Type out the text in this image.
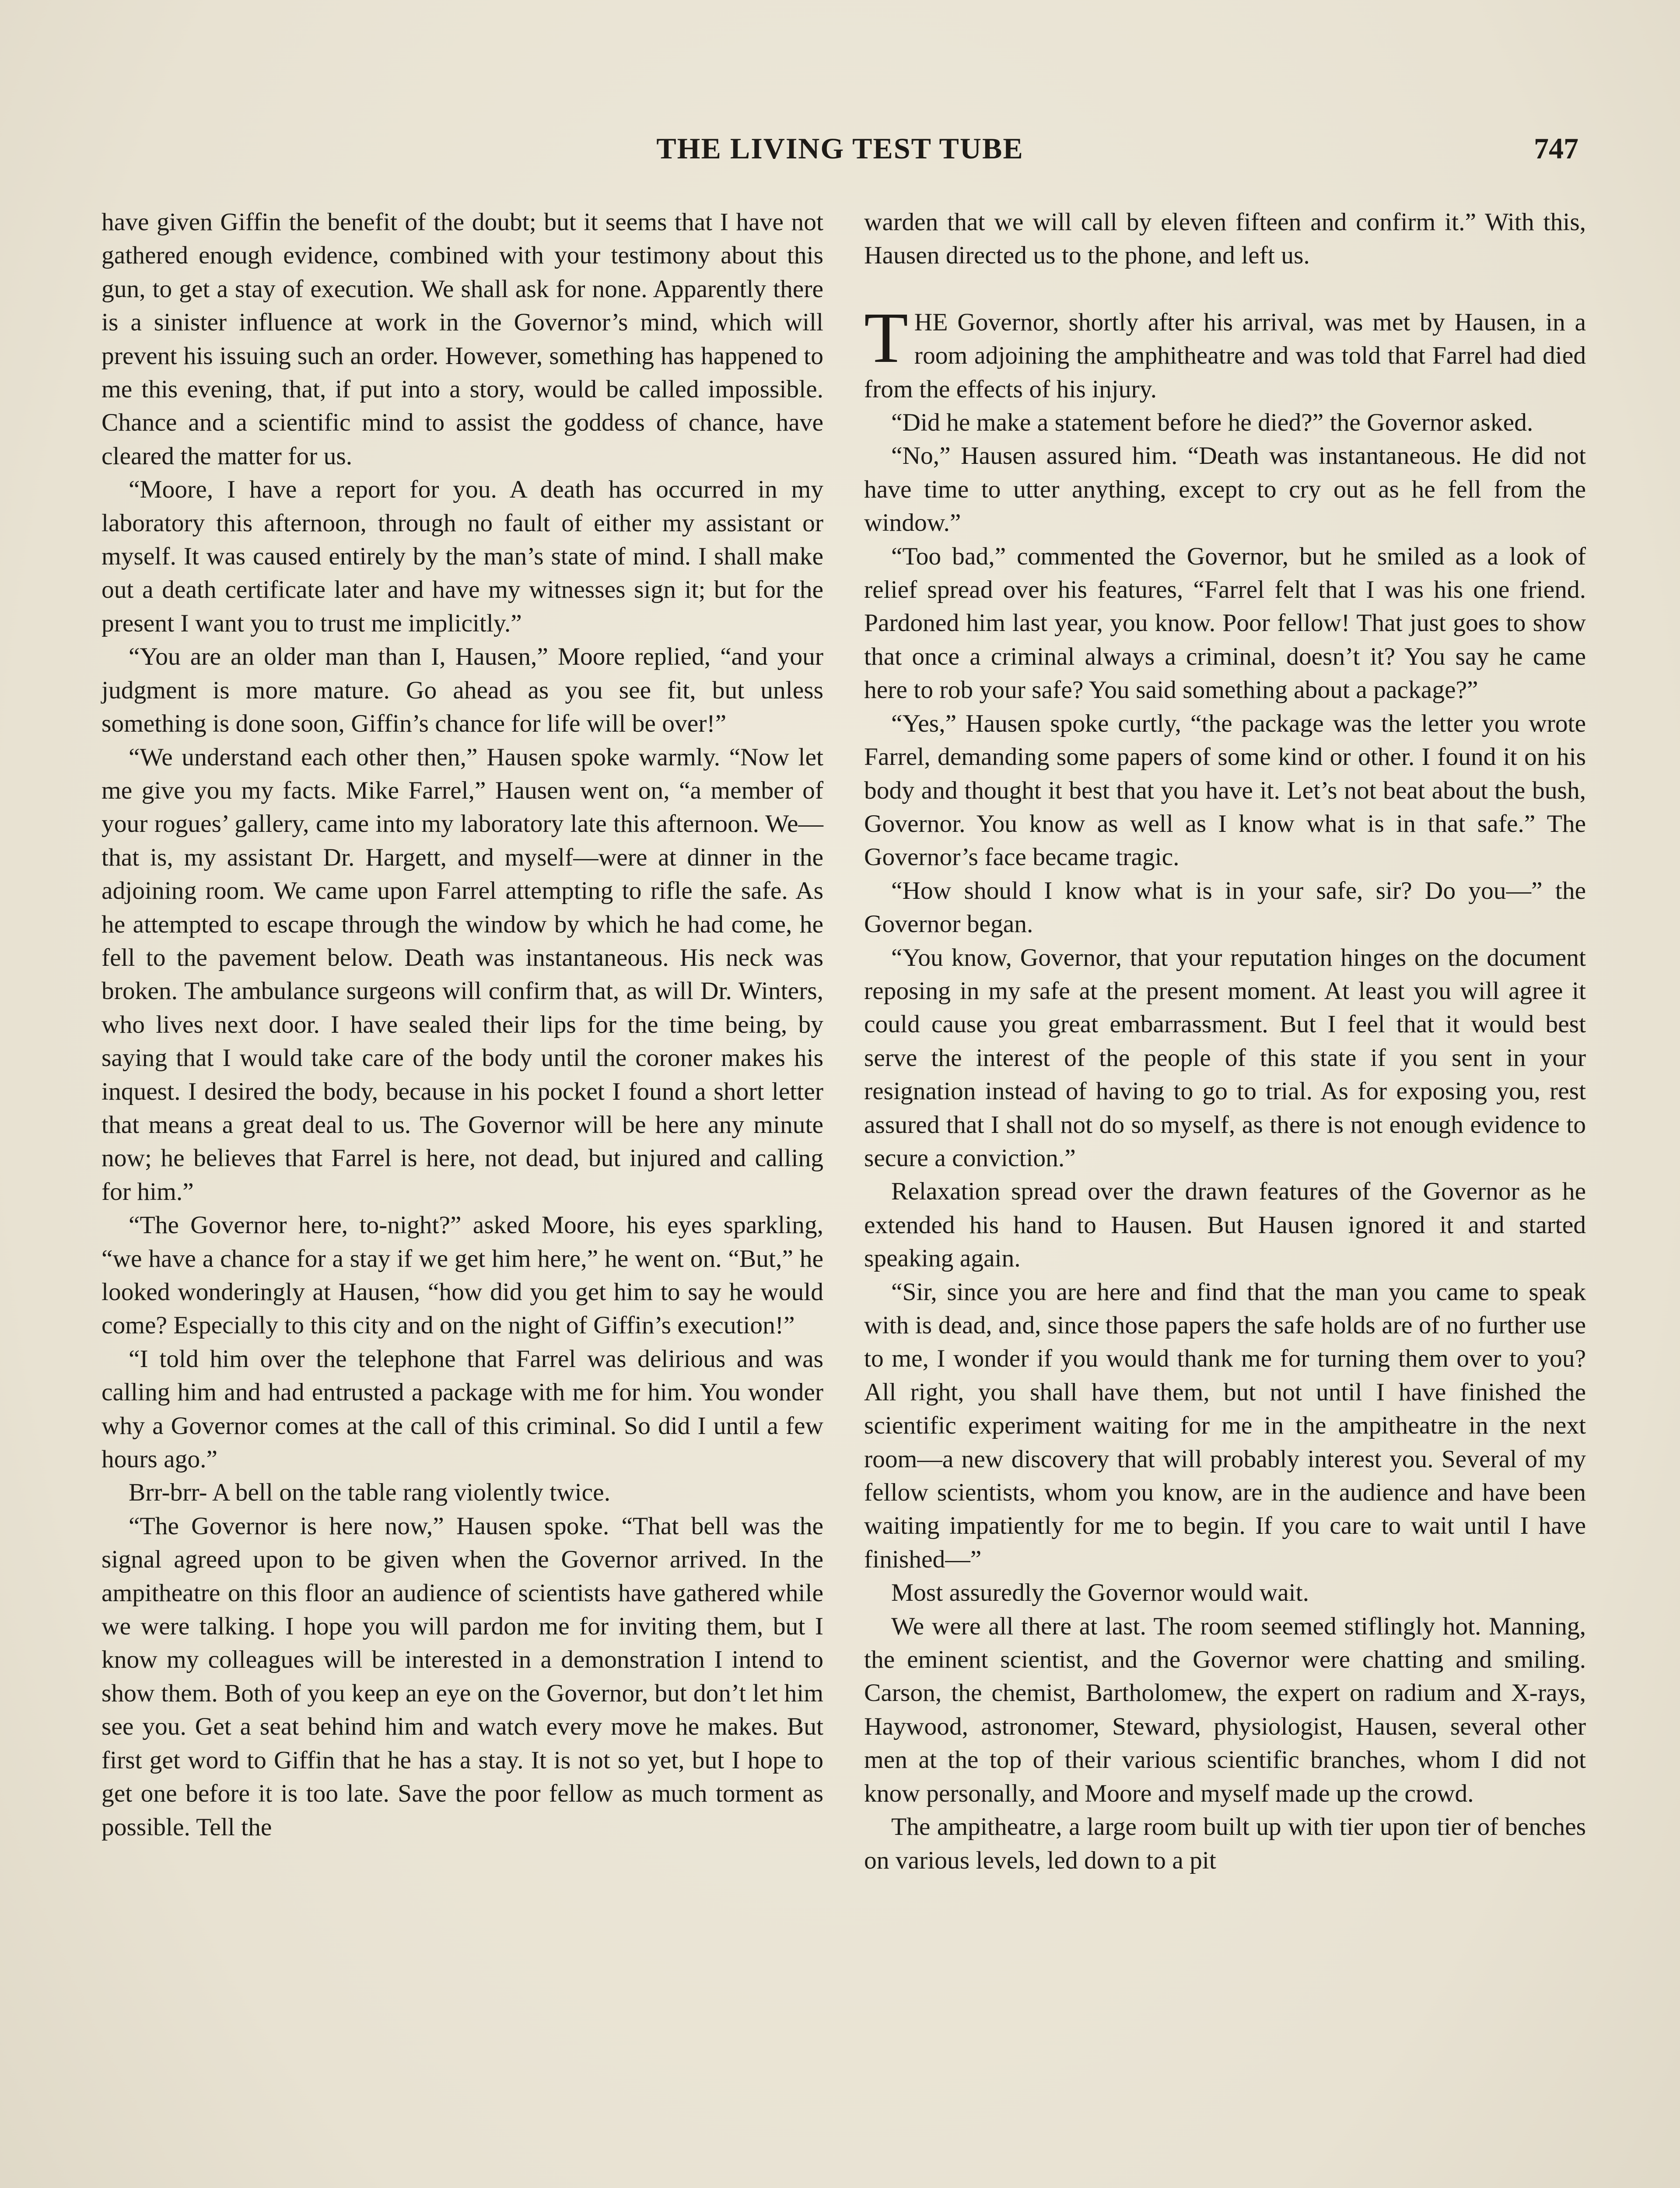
THE LIVING TEST TUBE	747

have given Giffin the benefit of the doubt; but it seems that I have not gathered enough evidence, combined with your testimony about this gun, to get a stay of execution. We shall ask for none. Apparently there is a sinister influence at work in the Governor’s mind, which will prevent his issuing such an order. However, something has happened to me this evening, that, if put into a story, would be called impossible. Chance and a scientific mind to assist the goddess of chance, have cleared the matter for us.

“Moore, I have a report for you. A death has occurred in my laboratory this afternoon, through no fault of either my assistant or myself. It was caused entirely by the man’s state of mind. I shall make out a death certificate later and have my witnesses sign it; but for the present I want you to trust me implicitly.”

“You are an older man than I, Hausen,” Moore replied, “and your judgment is more mature. Go ahead as you see fit, but unless something is done soon, Giffin’s chance for life will be over!”

“We understand each other then,” Hausen spoke warmly. “Now let me give you my facts. Mike Farrel,” Hausen went on, “a member of your rogues’ gallery, came into my laboratory late this afternoon. We—that is, my assistant Dr. Hargett, and myself—were at dinner in the adjoining room. We came upon Farrel attempting to rifle the safe. As he attempted to escape through the window by which he had come, he fell to the pavement below. Death was instantaneous. His neck was broken. The ambulance surgeons will confirm that, as will Dr. Winters, who lives next door. I have sealed their lips for the time being, by saying that I would take care of the body until the coroner makes his inquest. I desired the body, because in his pocket I found a short letter that means a great deal to us. The Governor will be here any minute now; he believes that Farrel is here, not dead, but injured and calling for him.”

“The Governor here, to-night?” asked Moore, his eyes sparkling, “we have a chance for a stay if we get him here,” he went on. “But,” he looked wonderingly at Hausen, “how did you get him to say he would come? Especially to this city and on the night of Giffin’s execution!”

“I told him over the telephone that Farrel was delirious and was calling him and had entrusted a package with me for him. You wonder why a Governor comes at the call of this criminal. So did I until a few hours ago.”

Brr-brr- A bell on the table rang violently twice.

“The Governor is here now,” Hausen spoke. “That bell was the signal agreed upon to be given when the Governor arrived. In the ampitheatre on this floor an audience of scientists have gathered while we were talking. I hope you will pardon me for inviting them, but I know my colleagues will be interested in a demonstration I intend to show them. Both of you keep an eye on the Governor, but don’t let him see you. Get a seat behind him and watch every move he makes. But first get word to Giffin that he has a stay. It is not so yet, but I hope to get one before it is too late. Save the poor fellow as much torment as possible. Tell the

warden that we will call by eleven fifteen and confirm it.” With this, Hausen directed us to the phone, and left us.

THE Governor, shortly after his arrival, was met by Hausen, in a room adjoining the amphitheatre and was told that Farrel had died from the effects of his injury.

“Did he make a statement before he died?” the Governor asked.

“No,” Hausen assured him. “Death was instantaneous. He did not have time to utter anything, except to cry out as he fell from the window.”

“Too bad,” commented the Governor, but he smiled as a look of relief spread over his features, “Farrel felt that I was his one friend. Pardoned him last year, you know. Poor fellow! That just goes to show that once a criminal always a criminal, doesn’t it? You say he came here to rob your safe? You said something about a package?”

“Yes,” Hausen spoke curtly, “the package was the letter you wrote Farrel, demanding some papers of some kind or other. I found it on his body and thought it best that you have it. Let’s not beat about the bush, Governor. You know as well as I know what is in that safe.” The Governor’s face became tragic.

“How should I know what is in your safe, sir? Do you—” the Governor began.

“You know, Governor, that your reputation hinges on the document reposing in my safe at the present moment. At least you will agree it could cause you great embarrassment. But I feel that it would best serve the interest of the people of this state if you sent in your resignation instead of having to go to trial. As for exposing you, rest assured that I shall not do so myself, as there is not enough evidence to secure a conviction.”

Relaxation spread over the drawn features of the Governor as he extended his hand to Hausen. But Hausen ignored it and started speaking again.

“Sir, since you are here and find that the man you came to speak with is dead, and, since those papers the safe holds are of no further use to me, I wonder if you would thank me for turning them over to you? All right, you shall have them, but not until I have finished the scientific experiment waiting for me in the ampitheatre in the next room—a new discovery that will probably interest you. Several of my fellow scientists, whom you know, are in the audience and have been waiting impatiently for me to begin. If you care to wait until I have finished—”

Most assuredly the Governor would wait.

We were all there at last. The room seemed stiflingly hot. Manning, the eminent scientist, and the Governor were chatting and smiling. Carson, the chemist, Bartholomew, the expert on radium and X-rays, Haywood, astronomer, Steward, physiologist, Hausen, several other men at the top of their various scientific branches, whom I did not know personally, and Moore and myself made up the crowd.

The ampitheatre, a large room built up with tier upon tier of benches on various levels, led down to a pit
